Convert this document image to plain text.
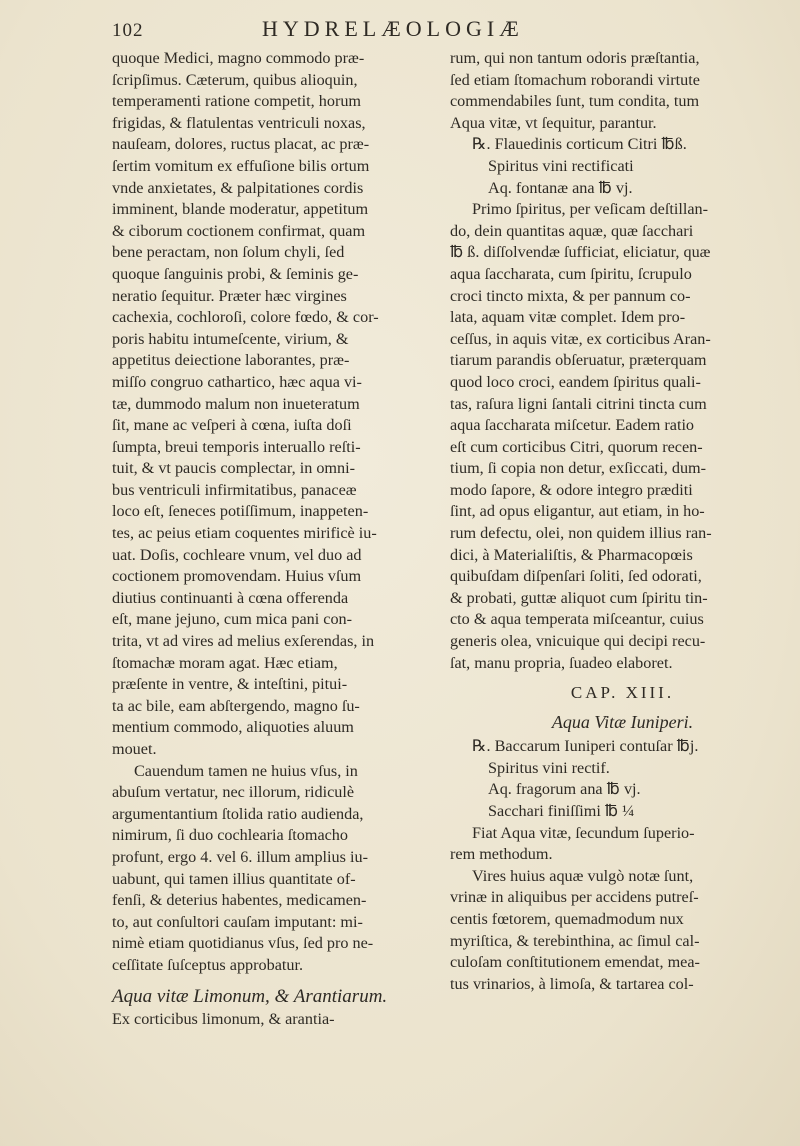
102	HYDRELÆOLOGIÆ
quoque Medici, magno commodo præ-
ſcripſimus. Cæterum, quibus alioquin,
temperamenti ratione competit, horum
frigidas, & flatulentas ventriculi noxas,
nauſeam, dolores, ructus placat, ac præ-
ſertim vomitum ex effuſione bilis ortum
vnde anxietates, & palpitationes cordis
imminent, blande moderatur, appetitum
& ciborum coctionem confirmat, quam
bene peractam, non ſolum chyli, ſed
quoque ſanguinis probi, & ſeminis ge-
neratio ſequitur. Præter hæc virgines
cachexia, cochloroſi, colore fœdo, & cor-
poris habitu intumeſcente, virium, &
appetitus deiectione laborantes, præ-
miſſo congruo cathartico, hæc aqua vi-
tæ, dummodo malum non inueteratum
ſit, mane ac veſperi à cœna, iuſta doſi
ſumpta, breui temporis interuallo reſti-
tuit, & vt paucis complectar, in omni-
bus ventriculi infirmitatibus, panaceæ
loco eſt, ſeneces potiſſimum, inappeten-
tes, ac peius etiam coquentes mirificè iu-
uat. Doſis, cochleare vnum, vel duo ad
coctionem promovendam. Huius vſum
diutius continuanti à cœna offerenda
eſt, mane jejuno, cum mica pani con-
trita, vt ad vires ad melius exſerendas, in
ſtomachæ moram agat. Hæc etiam,
præſente in ventre, & inteſtini, pitui-
ta ac bile, eam abſtergendo, magno ſu-
mentium commodo, aliquoties aluum
mouet.
Cauendum tamen ne huius vſus, in
abuſum vertatur, nec illorum, ridiculè
argumentantium ſtolida ratio audienda,
nimirum, ſi duo cochlearia ſtomacho
profunt, ergo 4. vel 6. illum amplius iu-
uabunt, qui tamen illius quantitate of-
fenſi, & deterius habentes, medicamen-
to, aut conſultori cauſam imputant: mi-
nimè etiam quotidianus vſus, ſed pro ne-
ceſſitate ſuſceptus approbatur.
Aqua vitæ Limonum, & Arantiarum.
Ex corticibus limonum, & arantia-
rum, qui non tantum odoris præſtantia,
ſed etiam ſtomachum roborandi virtute
commendabiles ſunt, tum condita, tum
Aqua vitæ, vt ſequitur, parantur.
℞. Flauedinis corticum Citri ℔ß.
Spiritus vini rectificati
Aq. fontanæ ana ℔ vj.
Primo ſpiritus, per veſicam deſtillan-
do, dein quantitas aquæ, quæ ſacchari
℔ ß. diſſolvendæ ſufficiat, eliciatur, quæ
aqua ſaccharata, cum ſpiritu, ſcrupulo
croci tincto mixta, & per pannum co-
lata, aquam vitæ complet. Idem pro-
ceſſus, in aquis vitæ, ex corticibus Aran-
tiarum parandis obſeruatur, præterquam
quod loco croci, eandem ſpiritus quali-
tas, raſura ligni ſantali citrini tincta cum
aqua ſaccharata miſcetur. Eadem ratio
eſt cum corticibus Citri, quorum recen-
tium, ſi copia non detur, exſiccati, dum-
modo ſapore, & odore integro præditi
ſint, ad opus eligantur, aut etiam, in ho-
rum defectu, olei, non quidem illius ran-
dici, à Materialiſtis, & Pharmacopœis
quibuſdam diſpenſari ſoliti, ſed odorati,
& probati, guttæ aliquot cum ſpiritu tin-
cto & aqua temperata miſceantur, cuius
generis olea, vnicuique qui decipi recu-
ſat, manu propria, ſuadeo elaboret.
CAP. XIII.
Aqua Vitæ Iuniperi.
℞. Baccarum Iuniperi contuſar ℔j.
Spiritus vini rectif.
Aq. fragorum ana ℔ vj.
Sacchari finiſſimi ℔ ¼
Fiat Aqua vitæ, ſecundum ſuperio-
rem methodum.
Vires huius aquæ vulgò notæ ſunt,
vrinæ in aliquibus per accidens putreſ-
centis fœtorem, quemadmodum nux
myriſtica, & terebinthina, ac ſimul cal-
culoſam conſtitutionem emendat, mea-
tus vrinarios, à limoſa, & tartarea col-
